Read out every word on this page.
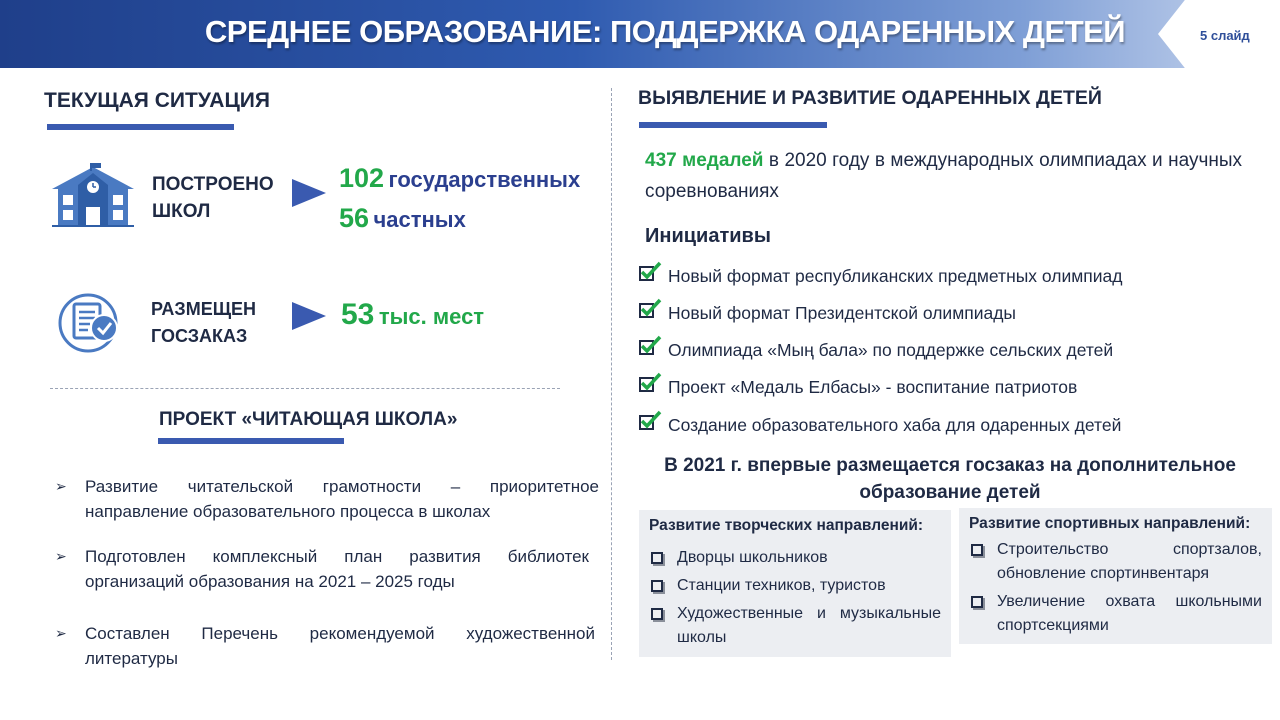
СРЕДНЕЕ ОБРАЗОВАНИЕ: ПОДДЕРЖКА ОДАРЕННЫХ ДЕТЕЙ	5 слайд
ТЕКУЩАЯ СИТУАЦИЯ
ПОСТРОЕНО
ШКОЛ
102 государственных
56 частных
РАЗМЕЩЕН
ГОСЗАКАЗ
53 тыс. мест
ПРОЕКТ «ЧИТАЮЩАЯ ШКОЛА»
➢	Развитие читательской грамотности – приоритетное направление образовательного процесса в школах
➢	Подготовлен комплексный план развития библиотек организаций образования на 2021 – 2025 годы
➢	Составлен Перечень рекомендуемой художественной литературы
ВЫЯВЛЕНИЕ И РАЗВИТИЕ ОДАРЕННЫХ ДЕТЕЙ
437 медалей в 2020 году в международных олимпиадах и научных соревнованиях
Инициативы
Новый формат республиканских предметных олимпиад
Новый формат Президентской олимпиады
Олимпиада «Мың бала» по поддержке сельских детей
Проект «Медаль Елбасы» - воспитание патриотов
Создание образовательного хаба для одаренных детей
В 2021 г. впервые размещается госзаказ на дополнительное
образование детей
Развитие творческих направлений:
Дворцы школьников
Станции техников, туристов
Художественные и музыкальные школы
Развитие спортивных направлений:
Строительство спортзалов, обновление спортинвентаря
Увеличение охвата школьными спортсекциями
